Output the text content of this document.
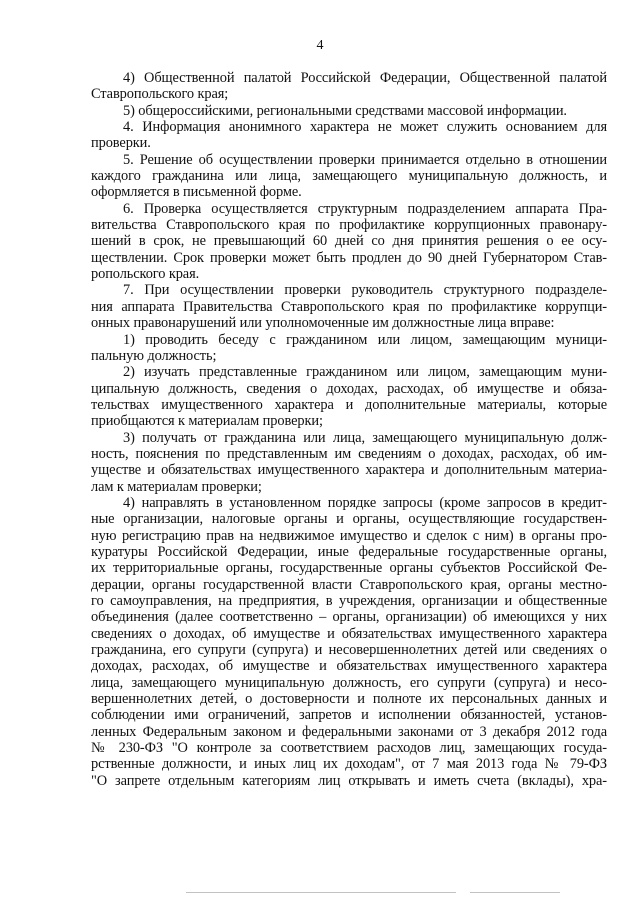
4
4) Общественной палатой Российской Федерации, Общественной палатой
Ставропольского края;
5) общероссийскими, региональными средствами массовой информации.
4. Информация анонимного характера не может служить основанием для
проверки.
5. Решение об осуществлении проверки принимается отдельно в отношении
каждого гражданина или лица, замещающего муниципальную должность, и
оформляется в письменной форме.
6. Проверка осуществляется структурным подразделением аппарата Пра-
вительства Ставропольского края по профилактике коррупционных правонару-
шений в срок, не превышающий 60 дней со дня принятия решения о ее осу-
ществлении. Срок проверки может быть продлен до 90 дней Губернатором Став-
ропольского края.
7. При осуществлении проверки руководитель структурного подразделе-
ния аппарата Правительства Ставропольского края по профилактике коррупци-
онных правонарушений или уполномоченные им должностные лица вправе:
1) проводить беседу с гражданином или лицом, замещающим муници-
пальную должность;
2) изучать представленные гражданином или лицом, замещающим муни-
ципальную должность, сведения о доходах, расходах, об имуществе и обяза-
тельствах имущественного характера и дополнительные материалы, которые
приобщаются к материалам проверки;
3) получать от гражданина или лица, замещающего муниципальную долж-
ность, пояснения по представленным им сведениям о доходах, расходах, об им-
уществе и обязательствах имущественного характера и дополнительным материа-
лам к материалам проверки;
4) направлять в установленном порядке запросы (кроме запросов в кредит-
ные организации, налоговые органы и органы, осуществляющие государствен-
ную регистрацию прав на недвижимое имущество и сделок с ним) в органы про-
куратуры Российской Федерации, иные федеральные государственные органы,
их территориальные органы, государственные органы субъектов Российской Фе-
дерации, органы государственной власти Ставропольского края, органы местно-
го самоуправления, на предприятия, в учреждения, организации и общественные
объединения (далее соответственно – органы, организации) об имеющихся у них
сведениях о доходах, об имуществе и обязательствах имущественного характера
гражданина, его супруги (супруга) и несовершеннолетних детей или сведениях о
доходах, расходах, об имуществе и обязательствах имущественного характера
лица, замещающего муниципальную должность, его супруги (супруга) и несо-
вершеннолетних детей, о достоверности и полноте их персональных данных и
соблюдении ими ограничений, запретов и исполнении обязанностей, установ-
ленных Федеральным законом и федеральными законами от 3 декабря 2012 года
№ 230-ФЗ "О контроле за соответствием расходов лиц, замещающих госуда-
рственные должности, и иных лиц их доходам", от 7 мая 2013 года № 79-ФЗ
"О запрете отдельным категориям лиц открывать и иметь счета (вклады), хра-
